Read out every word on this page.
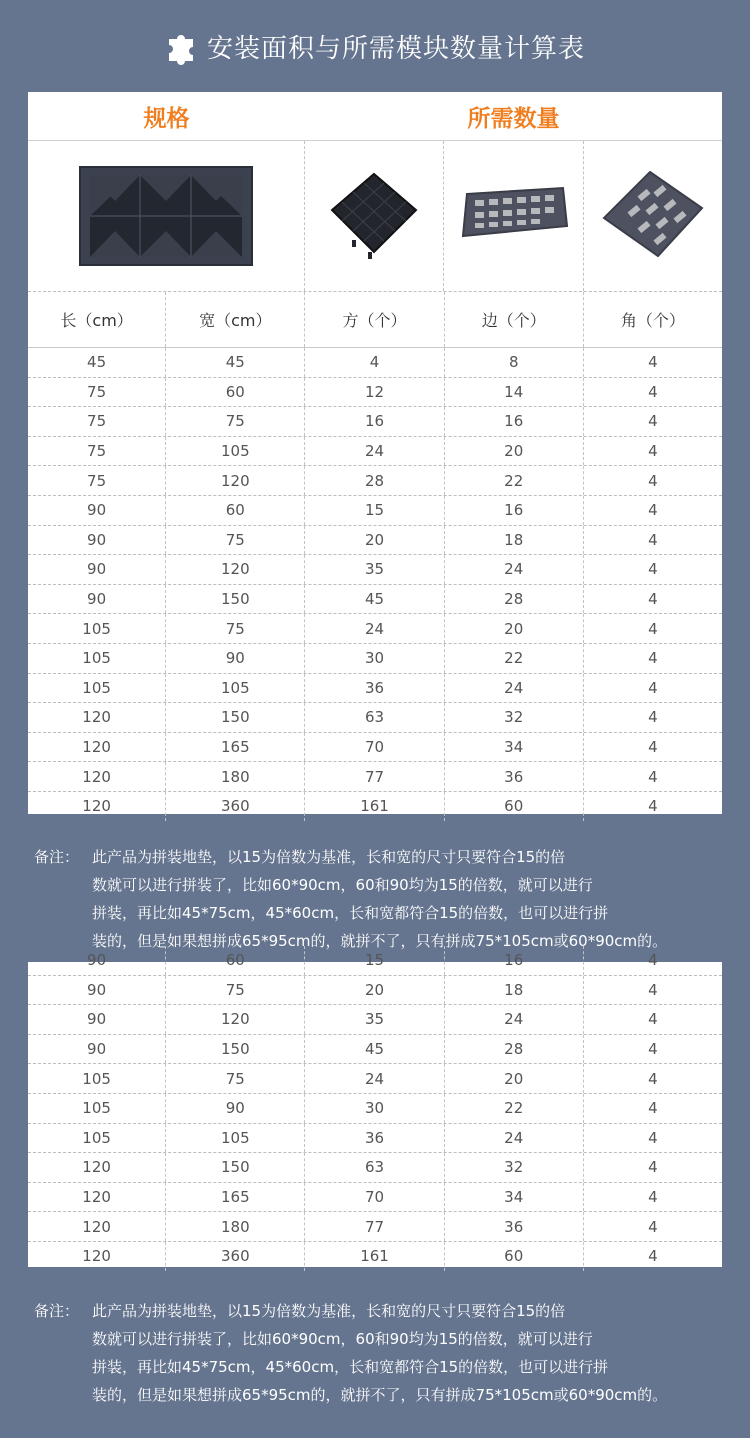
安装面积与所需模块数量计算表
规格	所需数量
长（cm）	宽（cm）	方（个）	边（个）	角（个）
45	45	4	8	4
75	60	12	14	4
75	75	16	16	4
75	105	24	20	4
75	120	28	22	4
90	60	15	16	4
90	75	20	18	4
90	120	35	24	4
90	150	45	28	4
105	75	24	20	4
105	90	30	22	4
105	105	36	24	4
120	150	63	32	4
120	165	70	34	4
120	180	77	36	4
120	360	161	60	4
备注： 此产品为拼装地垫，以15为倍数为基准，长和宽的尺寸只要符合15的倍
数就可以进行拼装了，比如60*90cm，60和90均为15的倍数，就可以进行
拼装，再比如45*75cm，45*60cm，长和宽都符合15的倍数，也可以进行拼
装的，但是如果想拼成65*95cm的，就拼不了，只有拼成75*105cm或60*90cm的。
90	60	15	16	4
90	75	20	18	4
90	120	35	24	4
90	150	45	28	4
105	75	24	20	4
105	90	30	22	4
105	105	36	24	4
120	150	63	32	4
120	165	70	34	4
120	180	77	36	4
120	360	161	60	4
备注： 此产品为拼装地垫，以15为倍数为基准，长和宽的尺寸只要符合15的倍
数就可以进行拼装了，比如60*90cm，60和90均为15的倍数，就可以进行
拼装，再比如45*75cm，45*60cm，长和宽都符合15的倍数，也可以进行拼
装的，但是如果想拼成65*95cm的，就拼不了，只有拼成75*105cm或60*90cm的。
